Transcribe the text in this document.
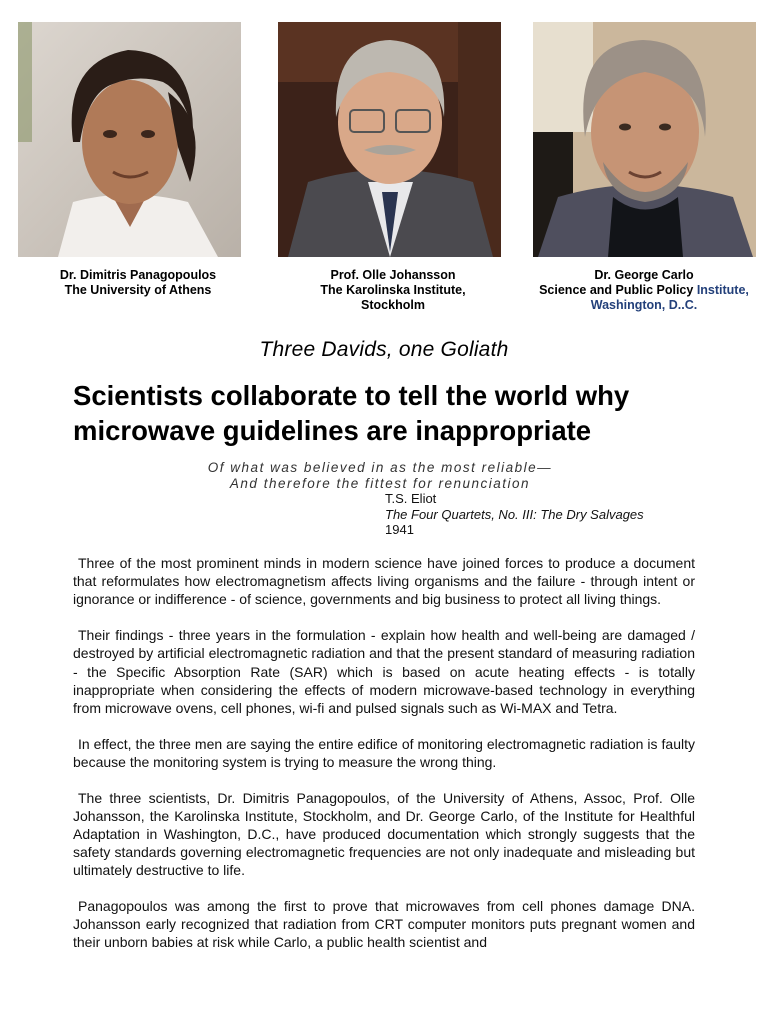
Dr. Dimitris Panagopoulos
The University of Athens
Prof. Olle Johansson
The Karolinska Institute,
Stockholm
Dr. George Carlo
Science and Public Policy Institute,
Washington, D..C.
Three Davids, one Goliath
Scientists collaborate to tell the world why microwave guidelines are inappropriate
Of what was believed in as the most reliable—
And therefore the fittest for renunciation
T.S. Eliot
The Four Quartets, No. III: The Dry Salvages
1941

Three of the most prominent minds in modern science have joined forces to produce a document that reformulates how electromagnetism affects living organisms and the failure - through intent or ignorance or indifference - of science, governments and big business to protect all living things.

Their findings - three years in the formulation - explain how health and well-being are damaged / destroyed by artificial electromagnetic radiation and that the present standard of measuring radiation - the Specific Absorption Rate (SAR) which is based on acute heating effects - is totally inappropriate when considering the effects of modern microwave-based technology in everything from microwave ovens, cell phones, wi-fi and pulsed signals such as Wi-MAX and Tetra.

In effect, the three men are saying the entire edifice of monitoring electromagnetic radiation is faulty because the monitoring system is trying to measure the wrong thing.

The three scientists, Dr. Dimitris Panagopoulos, of the University of Athens, Assoc, Prof. Olle Johansson, the Karolinska Institute, Stockholm, and Dr. George Carlo, of the Institute for Healthful Adaptation in Washington, D.C., have produced documentation which strongly suggests that the safety standards governing electromagnetic frequencies are not only inadequate and misleading but ultimately destructive to life.

Panagopoulos was among the first to prove that microwaves from cell phones damage DNA. Johansson early recognized that radiation from CRT computer monitors puts pregnant women and their unborn babies at risk while Carlo, a public health scientist and
